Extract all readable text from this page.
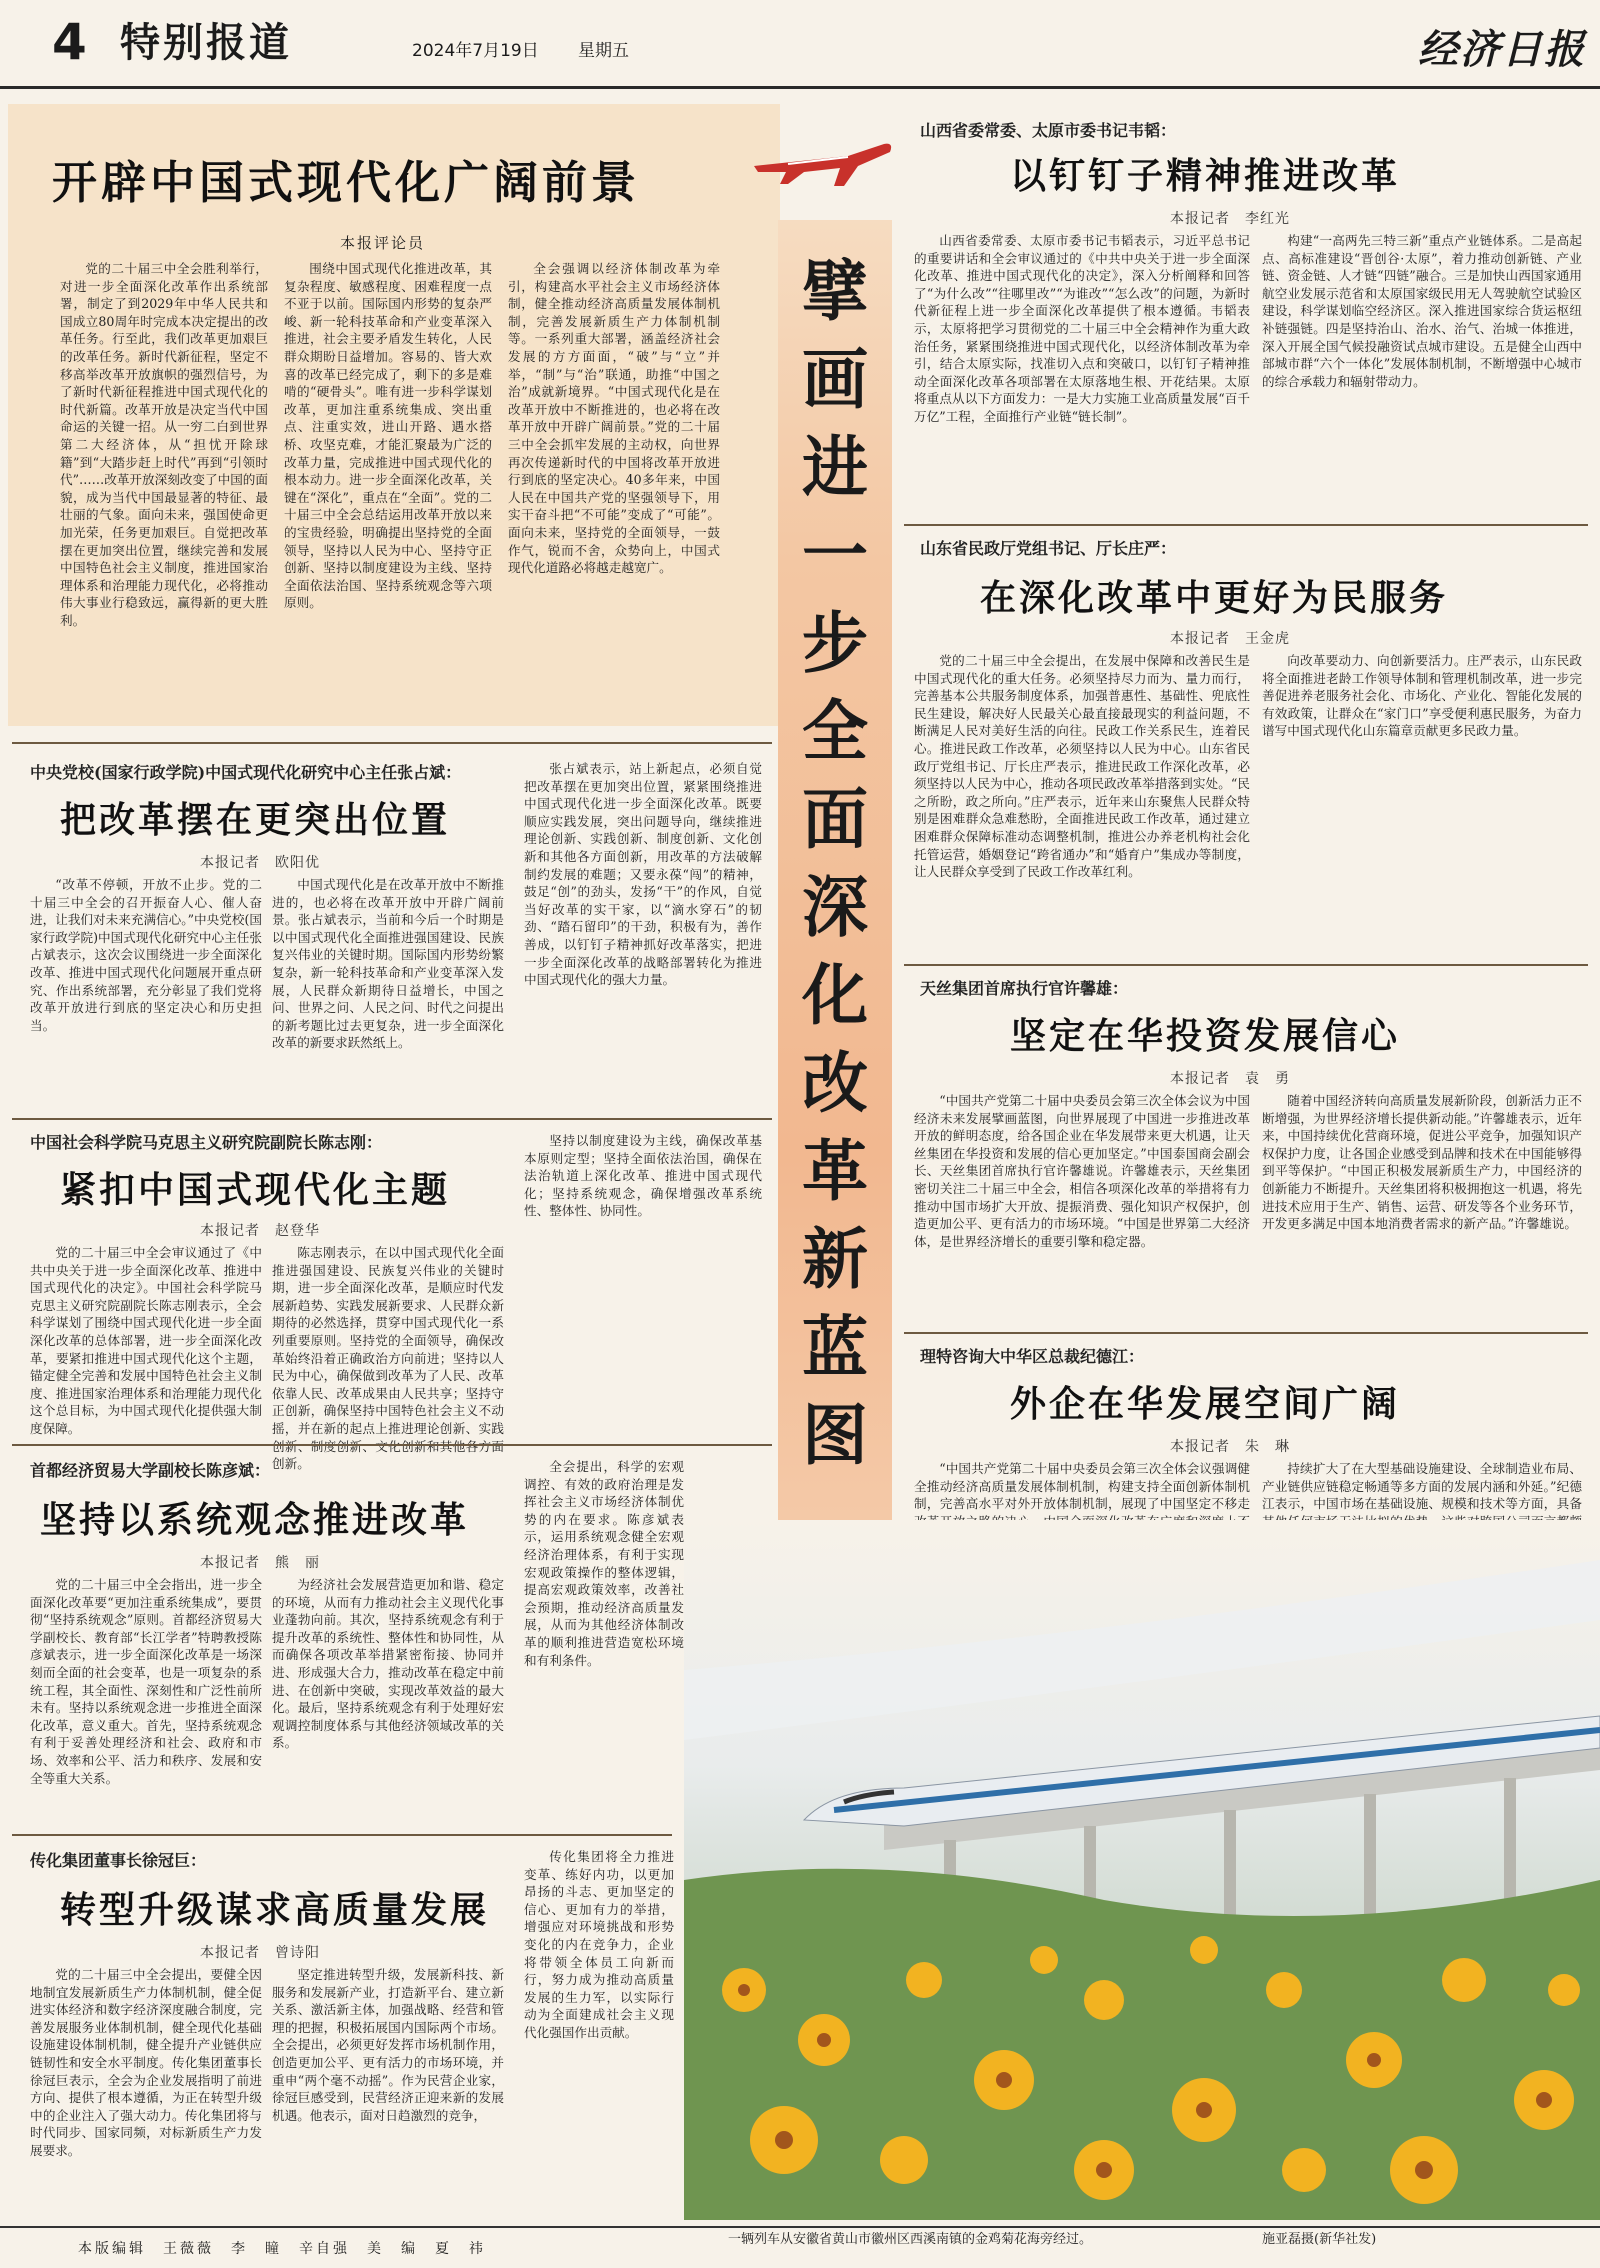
4 特别报道	2024年7月19日 星期五	经济日报
开辟中国式现代化广阔前景
本报评论员
党的二十届三中全会胜利举行，对进一步全面深化改革作出系统部署，制定了到2029年中华人民共和国成立80周年时完成本决定提出的改革任务。行至此，我们改革更加艰巨的改革任务。新时代新征程，坚定不移高举改革开放旗帜的强烈信号，为了新时代新征程推进中国式现代化的时代新篇。改革开放是决定当代中国命运的关键一招。从一穷二白到世界第二大经济体，从“担忧开除球籍”到“大踏步赶上时代”再到“引领时代”……改革开放深刻改变了中国的面貌，成为当代中国最显著的特征、最壮丽的气象。面向未来，强国使命更加光荣，任务更加艰巨。自觉把改革摆在更加突出位置，继续完善和发展中国特色社会主义制度，推进国家治理体系和治理能力现代化，必将推动伟大事业行稳致远，赢得新的更大胜利。
围绕中国式现代化推进改革，其复杂程度、敏感程度、困难程度一点不亚于以前。国际国内形势的复杂严峻、新一轮科技革命和产业变革深入推进，社会主要矛盾发生转化，人民群众期盼日益增加。容易的、皆大欢喜的改革已经完成了，剩下的多是难啃的“硬骨头”。唯有进一步科学谋划改革，更加注重系统集成、突出重点、注重实效，进山开路、遇水搭桥、攻坚克难，才能汇聚最为广泛的改革力量，完成推进中国式现代化的根本动力。进一步全面深化改革，关键在“深化”，重点在“全面”。党的二十届三中全会总结运用改革开放以来的宝贵经验，明确提出坚持党的全面领导，坚持以人民为中心、坚持守正创新、坚持以制度建设为主线、坚持全面依法治国、坚持系统观念等六项原则。
全会强调以经济体制改革为牵引，构建高水平社会主义市场经济体制，健全推动经济高质量发展体制机制，完善发展新质生产力体制机制等。一系列重大部署，涵盖经济社会发展的方方面面，“破”与“立”并举，“制”与“治”联通，助推“中国之治”成就新境界。“中国式现代化是在改革开放中不断推进的，也必将在改革开放中开辟广阔前景。”党的二十届三中全会抓牢发展的主动权，向世界再次传递新时代的中国将改革开放进行到底的坚定决心。40多年来，中国人民在中国共产党的坚强领导下，用实干奋斗把“不可能”变成了“可能”。面向未来，坚持党的全面领导，一鼓作气，锐而不舍，众势向上，中国式现代化道路必将越走越宽广。
擘
画
进
一
步
全
面
深
化
改
革
新
蓝
图
中央党校(国家行政学院)中国式现代化研究中心主任张占斌：
把改革摆在更突出位置
本报记者　欧阳优
“改革不停顿，开放不止步。党的二十届三中全会的召开振奋人心、催人奋进，让我们对未来充满信心。”中央党校(国家行政学院)中国式现代化研究中心主任张占斌表示，这次会议围绕进一步全面深化改革、推进中国式现代化问题展开重点研究、作出系统部署，充分彰显了我们党将改革开放进行到底的坚定决心和历史担当。
中国式现代化是在改革开放中不断推进的，也必将在改革开放中开辟广阔前景。张占斌表示，当前和今后一个时期是以中国式现代化全面推进强国建设、民族复兴伟业的关键时期。国际国内形势纷繁复杂，新一轮科技革命和产业变革深入发展，人民群众新期待日益增长，中国之问、世界之问、人民之问、时代之问提出的新考题比过去更复杂，进一步全面深化改革的新要求跃然纸上。
张占斌表示，站上新起点，必须自觉把改革摆在更加突出位置，紧紧围绕推进中国式现代化进一步全面深化改革。既要顺应实践发展，突出问题导向，继续推进理论创新、实践创新、制度创新、文化创新和其他各方面创新，用改革的方法破解制约发展的难题；又要永葆“闯”的精神，鼓足“创”的劲头，发扬“干”的作风，自觉当好改革的实干家，以“滴水穿石”的韧劲、“踏石留印”的干劲，积极有为，善作善成，以钉钉子精神抓好改革落实，把进一步全面深化改革的战略部署转化为推进中国式现代化的强大力量。
中国社会科学院马克思主义研究院副院长陈志刚：
紧扣中国式现代化主题
本报记者　赵登华
党的二十届三中全会审议通过了《中共中央关于进一步全面深化改革、推进中国式现代化的决定》。中国社会科学院马克思主义研究院副院长陈志刚表示，全会科学谋划了围绕中国式现代化进一步全面深化改革的总体部署，进一步全面深化改革，要紧扣推进中国式现代化这个主题，锚定健全完善和发展中国特色社会主义制度、推进国家治理体系和治理能力现代化这个总目标，为中国式现代化提供强大制度保障。
陈志刚表示，在以中国式现代化全面推进强国建设、民族复兴伟业的关键时期，进一步全面深化改革，是顺应时代发展新趋势、实践发展新要求、人民群众新期待的必然选择，贯穿中国式现代化一系列重要原则。坚持党的全面领导，确保改革始终沿着正确政治方向前进；坚持以人民为中心，确保做到改革为了人民、改革依靠人民、改革成果由人民共享；坚持守正创新，确保坚持中国特色社会主义不动摇，并在新的起点上推进理论创新、实践创新、制度创新、文化创新和其他各方面创新。
坚持以制度建设为主线，确保改革基本原则定型；坚持全面依法治国，确保在法治轨道上深化改革、推进中国式现代化；坚持系统观念，确保增强改革系统性、整体性、协同性。
首都经济贸易大学副校长陈彦斌：
坚持以系统观念推进改革
本报记者　熊　丽
党的二十届三中全会指出，进一步全面深化改革要“更加注重系统集成”，要贯彻“坚持系统观念”原则。首都经济贸易大学副校长、教育部“长江学者”特聘教授陈彦斌表示，进一步全面深化改革是一场深刻而全面的社会变革，也是一项复杂的系统工程，其全面性、深刻性和广泛性前所未有。坚持以系统观念进一步推进全面深化改革，意义重大。首先，坚持系统观念有利于妥善处理经济和社会、政府和市场、效率和公平、活力和秩序、发展和安全等重大关系。
为经济社会发展营造更加和谐、稳定的环境，从而有力推动社会主义现代化事业蓬勃向前。其次，坚持系统观念有利于提升改革的系统性、整体性和协同性，从而确保各项改革举措紧密衔接、协同并进、形成强大合力，推动改革在稳定中前进、在创新中突破，实现改革效益的最大化。最后，坚持系统观念有利于处理好宏观调控制度体系与其他经济领域改革的关系。
全会提出，科学的宏观调控、有效的政府治理是发挥社会主义市场经济体制优势的内在要求。陈彦斌表示，运用系统观念健全宏观经济治理体系，有利于实现宏观政策操作的整体逻辑，提高宏观政策效率，改善社会预期，推动经济高质量发展，从而为其他经济体制改革的顺利推进营造宽松环境和有利条件。
传化集团董事长徐冠巨：
转型升级谋求高质量发展
本报记者　曾诗阳
党的二十届三中全会提出，要健全因地制宜发展新质生产力体制机制，健全促进实体经济和数字经济深度融合制度，完善发展服务业体制机制，健全现代化基础设施建设体制机制，健全提升产业链供应链韧性和安全水平制度。传化集团董事长徐冠巨表示，全会为企业发展指明了前进方向、提供了根本遵循，为正在转型升级中的企业注入了强大动力。传化集团将与时代同步、国家同频，对标新质生产力发展要求。
坚定推进转型升级，发展新科技、新服务和发展新产业，打造新平台、建立新关系、激活新主体，加强战略、经营和管理的把握，积极拓展国内国际两个市场。全会提出，必须更好发挥市场机制作用，创造更加公平、更有活力的市场环境，并重申“两个毫不动摇”。作为民营企业家，徐冠巨感受到，民营经济正迎来新的发展机遇。他表示，面对日趋激烈的竞争，
传化集团将全力推进变革、练好内功，以更加昂扬的斗志、更加坚定的信心、更加有力的举措，增强应对环境挑战和形势变化的内在竞争力，企业将带领全体员工向新而行，努力成为推动高质量发展的生力军，以实际行动为全面建成社会主义现代化强国作出贡献。
山西省委常委、太原市委书记韦韬：
以钉钉子精神推进改革
本报记者　李红光
山西省委常委、太原市委书记韦韬表示，习近平总书记的重要讲话和全会审议通过的《中共中央关于进一步全面深化改革、推进中国式现代化的决定》，深入分析阐释和回答了“为什么改”“往哪里改”“为谁改”“怎么改”的问题，为新时代新征程上进一步全面深化改革提供了根本遵循。韦韬表示，太原将把学习贯彻党的二十届三中全会精神作为重大政治任务，紧紧围绕推进中国式现代化，以经济体制改革为牵引，结合太原实际，找准切入点和突破口，以钉钉子精神推动全面深化改革各项部署在太原落地生根、开花结果。太原将重点从以下方面发力：一是大力实施工业高质量发展“百千万亿”工程，全面推行产业链“链长制”。
构建“一高两先三特三新”重点产业链体系。二是高起点、高标准建设“晋创谷·太原”，着力推动创新链、产业链、资金链、人才链“四链”融合。三是加快山西国家通用航空业发展示范省和太原国家级民用无人驾驶航空试验区建设，科学谋划临空经济区。深入推进国家综合货运枢纽补链强链。四是坚持治山、治水、治气、治城一体推进，深入开展全国气候投融资试点城市建设。五是健全山西中部城市群“六个一体化”发展体制机制，不断增强中心城市的综合承载力和辐射带动力。
山东省民政厅党组书记、厅长庄严：
在深化改革中更好为民服务
本报记者　王金虎
党的二十届三中全会提出，在发展中保障和改善民生是中国式现代化的重大任务。必须坚持尽力而为、量力而行，完善基本公共服务制度体系，加强普惠性、基础性、兜底性民生建设，解决好人民最关心最直接最现实的利益问题，不断满足人民对美好生活的向往。民政工作关系民生，连着民心。推进民政工作改革，必须坚持以人民为中心。山东省民政厅党组书记、厅长庄严表示，推进民政工作深化改革，必须坚持以人民为中心，推动各项民政改革举措落到实处。“民之所盼，政之所向。”庄严表示，近年来山东聚焦人民群众特别是困难群众急难愁盼，全面推进民政工作改革，通过建立困难群众保障标准动态调整机制，推进公办养老机构社会化托管运营，婚姻登记“跨省通办”和“婚育户”集成办等制度，让人民群众享受到了民政工作改革红利。
向改革要动力、向创新要活力。庄严表示，山东民政将全面推进老龄工作领导体制和管理机制改革，进一步完善促进养老服务社会化、市场化、产业化、智能化发展的有效政策，让群众在“家门口”享受便利惠民服务，为奋力谱写中国式现代化山东篇章贡献更多民政力量。
天丝集团首席执行官许馨雄：
坚定在华投资发展信心
本报记者　袁　勇
“中国共产党第二十届中央委员会第三次全体会议为中国经济未来发展擘画蓝图，向世界展现了中国进一步推进改革开放的鲜明态度，给各国企业在华发展带来更大机遇，让天丝集团在华投资和发展的信心更加坚定。”中国泰国商会副会长、天丝集团首席执行官许馨雄说。许馨雄表示，天丝集团密切关注二十届三中全会，相信各项深化改革的举措将有力推动中国市场扩大开放、提振消费、强化知识产权保护，创造更加公平、更有活力的市场环境。“中国是世界第二大经济体，是世界经济增长的重要引擎和稳定器。
随着中国经济转向高质量发展新阶段，创新活力正不断增强，为世界经济增长提供新动能。”许馨雄表示，近年来，中国持续优化营商环境，促进公平竞争，加强知识产权保护力度，让各国企业感受到品牌和技术在中国能够得到平等保护。“中国正积极发展新质生产力，中国经济的创新能力不断提升。天丝集团将积极拥抱这一机遇，将先进技术应用于生产、销售、运营、研发等各个业务环节，开发更多满足中国本地消费者需求的新产品。”许馨雄说。
理特咨询大中华区总裁纪德江：
外企在华发展空间广阔
本报记者　朱　琳
“中国共产党第二十届中央委员会第三次全体会议强调健全推动经济高质量发展体制机制，构建支持全面创新体制机制，完善高水平对外开放体制机制，展现了中国坚定不移走
持续扩大了在大型基础设施建设、全球制造业布局、产业链供应链稳定畅通等多方面的发展内涵和外延。”纪德江表示，中国市场在基础设施、规模和技术等方面，具备
本版编辑　王薇薇　李　瞳　辛自强　美　编　夏　祎
一辆列车从安徽省黄山市徽州区西溪南镇的金鸡菊花海旁经过。	施亚磊摄(新华社发)
